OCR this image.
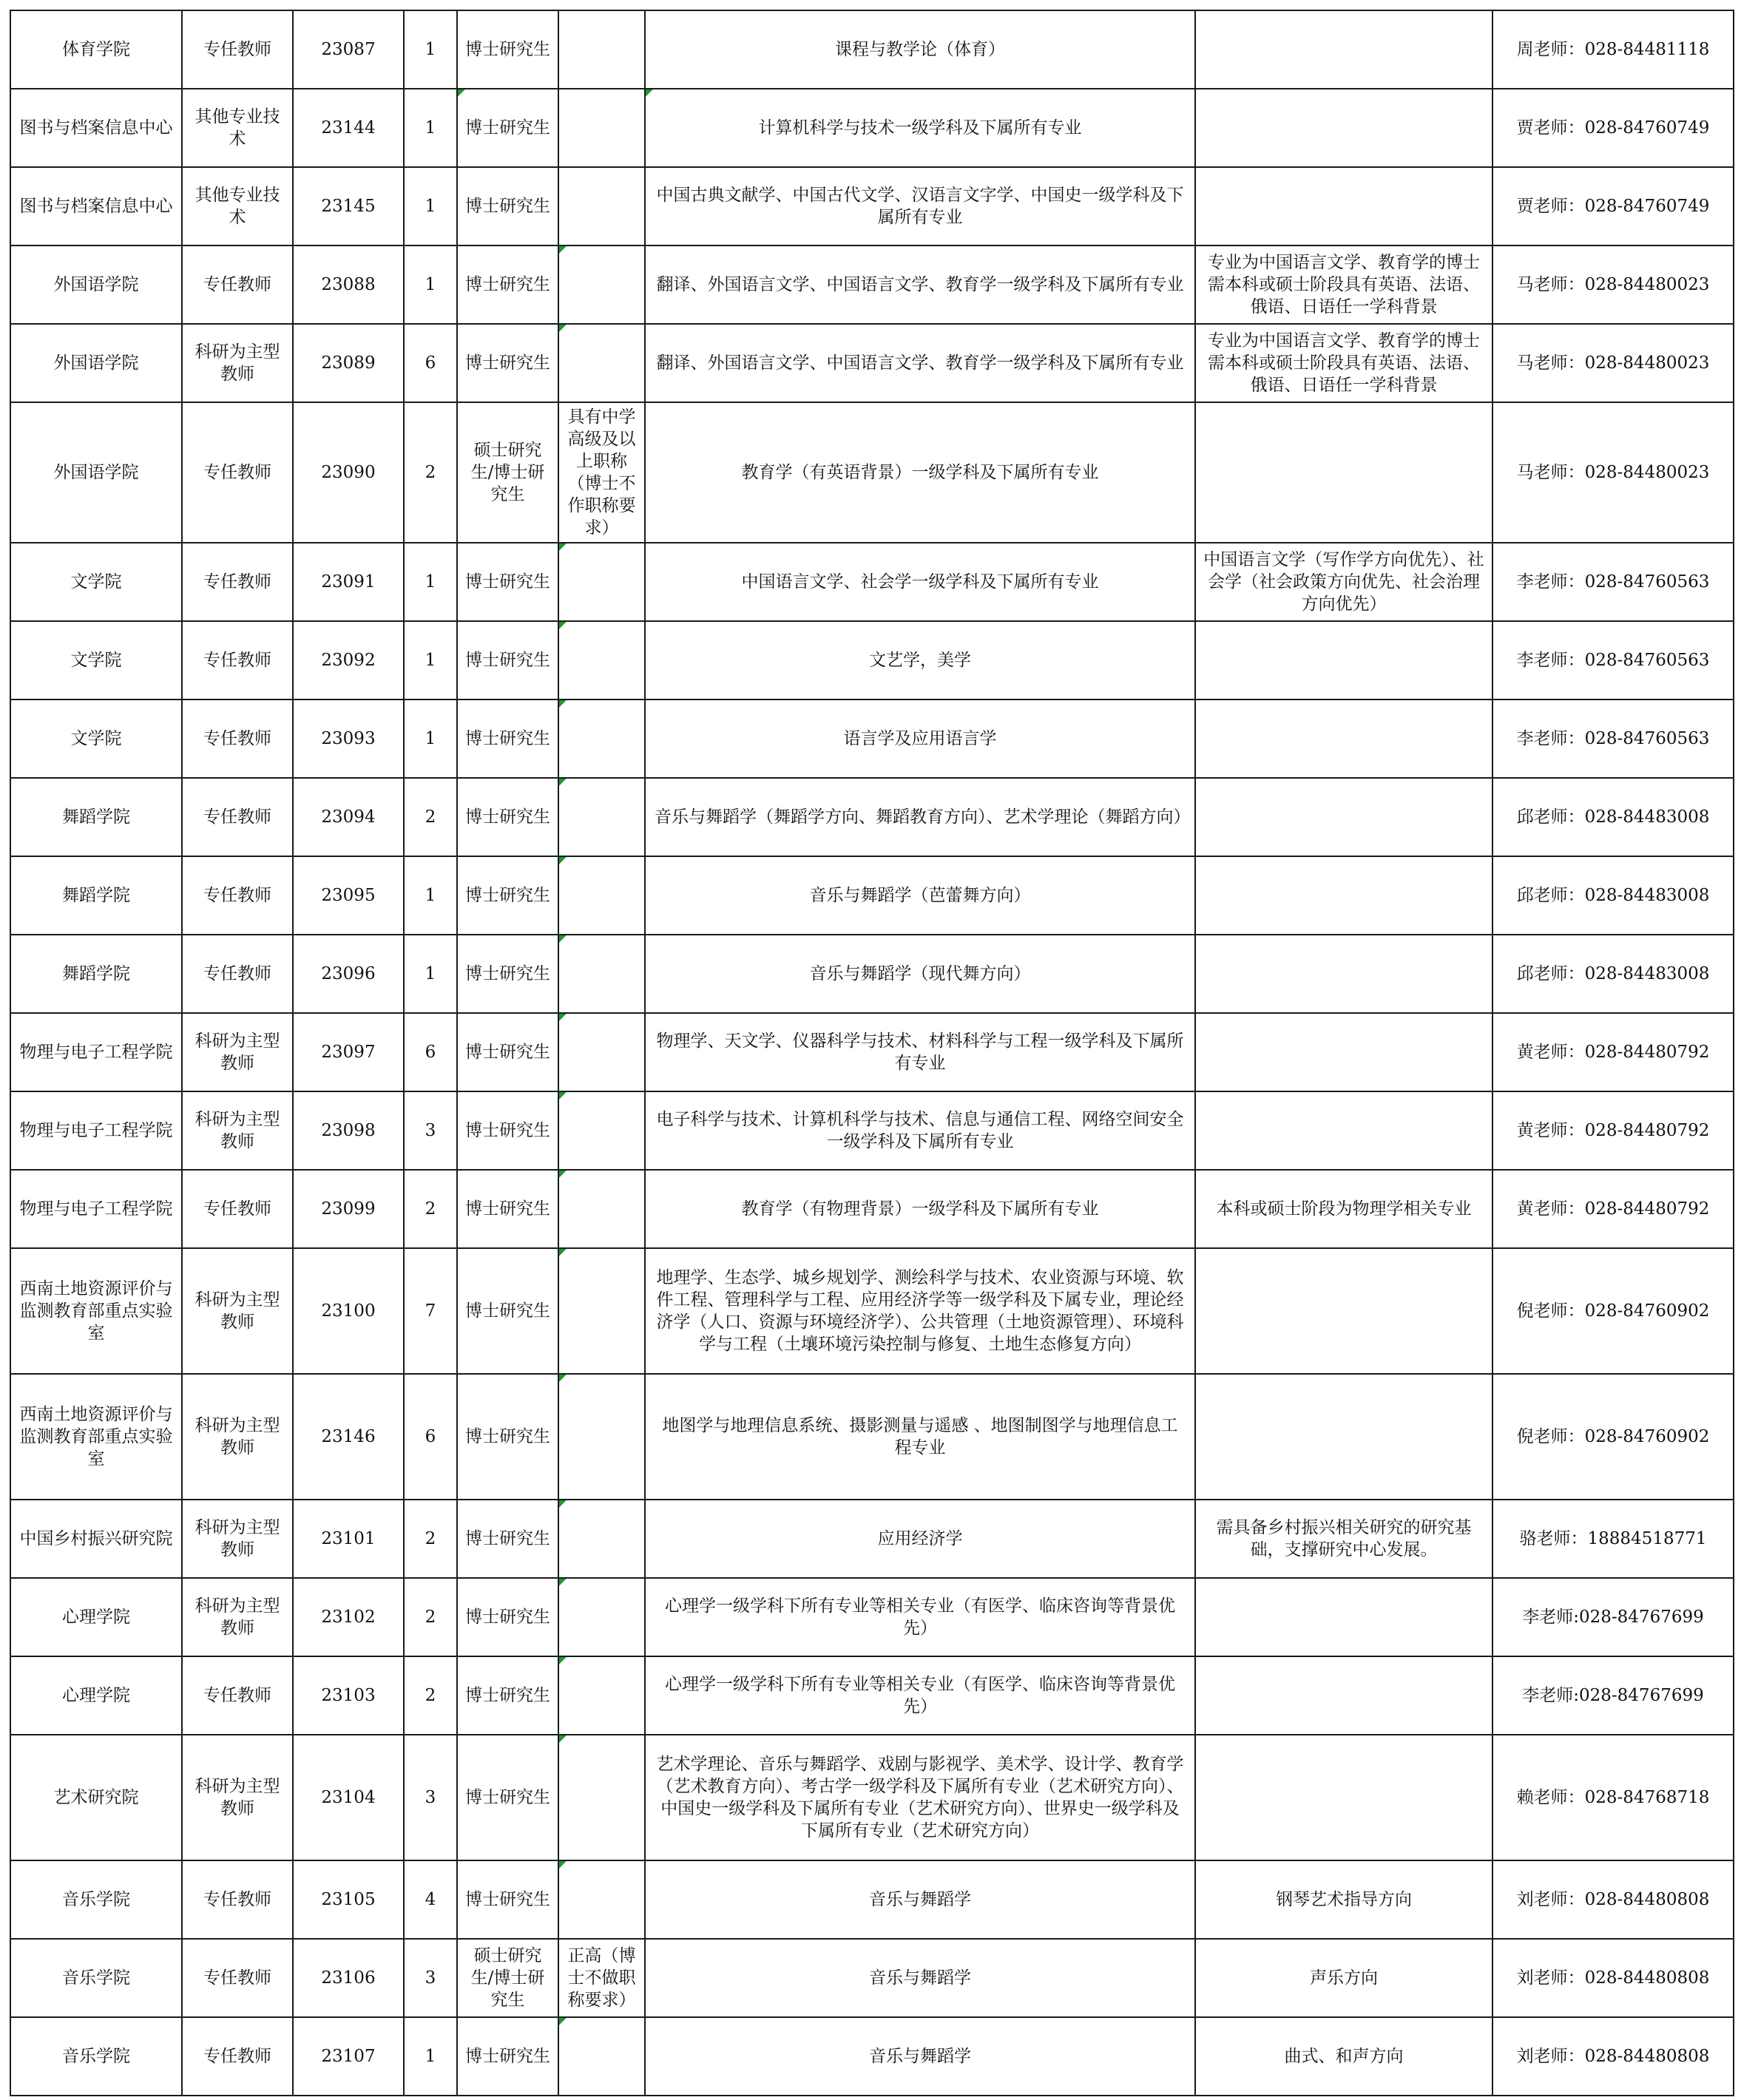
体育学院	专任教师	23087	1	博士研究生		课程与教学论（体育）		周老师：028-84481118
图书与档案信息中心	其他专业技术	23144	1	博士研究生		计算机科学与技术一级学科及下属所有专业		贾老师：028-84760749
图书与档案信息中心	其他专业技术	23145	1	博士研究生		中国古典文献学、中国古代文学、汉语言文字学、中国史一级学科及下属所有专业		贾老师：028-84760749
外国语学院	专任教师	23088	1	博士研究生		翻译、外国语言文学、中国语言文学、教育学一级学科及下属所有专业	专业为中国语言文学、教育学的博士需本科或硕士阶段具有英语、法语、俄语、日语任一学科背景	马老师：028-84480023
外国语学院	科研为主型教师	23089	6	博士研究生		翻译、外国语言文学、中国语言文学、教育学一级学科及下属所有专业	专业为中国语言文学、教育学的博士需本科或硕士阶段具有英语、法语、俄语、日语任一学科背景	马老师：028-84480023
外国语学院	专任教师	23090	2	硕士研究生/博士研究生	具有中学高级及以上职称（博士不作职称要求）	教育学（有英语背景）一级学科及下属所有专业		马老师：028-84480023
文学院	专任教师	23091	1	博士研究生		中国语言文学、社会学一级学科及下属所有专业	中国语言文学（写作学方向优先）、社会学（社会政策方向优先、社会治理方向优先）	李老师：028-84760563
文学院	专任教师	23092	1	博士研究生		文艺学，美学		李老师：028-84760563
文学院	专任教师	23093	1	博士研究生		语言学及应用语言学		李老师：028-84760563
舞蹈学院	专任教师	23094	2	博士研究生		音乐与舞蹈学（舞蹈学方向、舞蹈教育方向）、艺术学理论（舞蹈方向）		邱老师：028-84483008
舞蹈学院	专任教师	23095	1	博士研究生		音乐与舞蹈学（芭蕾舞方向）		邱老师：028-84483008
舞蹈学院	专任教师	23096	1	博士研究生		音乐与舞蹈学（现代舞方向）		邱老师：028-84483008
物理与电子工程学院	科研为主型教师	23097	6	博士研究生		物理学、天文学、仪器科学与技术、材料科学与工程一级学科及下属所有专业		黄老师：028-84480792
物理与电子工程学院	科研为主型教师	23098	3	博士研究生		电子科学与技术、计算机科学与技术、信息与通信工程、网络空间安全一级学科及下属所有专业		黄老师：028-84480792
物理与电子工程学院	专任教师	23099	2	博士研究生		教育学（有物理背景）一级学科及下属所有专业	本科或硕士阶段为物理学相关专业	黄老师：028-84480792
西南土地资源评价与监测教育部重点实验室	科研为主型教师	23100	7	博士研究生		地理学、生态学、城乡规划学、测绘科学与技术、农业资源与环境、软件工程、管理科学与工程、应用经济学等一级学科及下属专业，理论经济学（人口、资源与环境经济学）、公共管理（土地资源管理）、环境科学与工程（土壤环境污染控制与修复、土地生态修复方向）		倪老师：028-84760902
西南土地资源评价与监测教育部重点实验室	科研为主型教师	23146	6	博士研究生		地图学与地理信息系统、摄影测量与遥感 、地图制图学与地理信息工程专业		倪老师：028-84760902
中国乡村振兴研究院	科研为主型教师	23101	2	博士研究生		应用经济学	需具备乡村振兴相关研究的研究基础，支撑研究中心发展。	骆老师：18884518771
心理学院	科研为主型教师	23102	2	博士研究生		心理学一级学科下所有专业等相关专业（有医学、临床咨询等背景优先）		李老师:028-84767699
心理学院	专任教师	23103	2	博士研究生		心理学一级学科下所有专业等相关专业（有医学、临床咨询等背景优先）		李老师:028-84767699
艺术研究院	科研为主型教师	23104	3	博士研究生		艺术学理论、音乐与舞蹈学、戏剧与影视学、美术学、设计学、教育学（艺术教育方向）、考古学一级学科及下属所有专业（艺术研究方向）、中国史一级学科及下属所有专业（艺术研究方向）、世界史一级学科及下属所有专业（艺术研究方向）		赖老师：028-84768718
音乐学院	专任教师	23105	4	博士研究生		音乐与舞蹈学	钢琴艺术指导方向	刘老师：028-84480808
音乐学院	专任教师	23106	3	硕士研究生/博士研究生	正高（博士不做职称要求）	音乐与舞蹈学	声乐方向	刘老师：028-84480808
音乐学院	专任教师	23107	1	博士研究生		音乐与舞蹈学	曲式、和声方向	刘老师：028-84480808
